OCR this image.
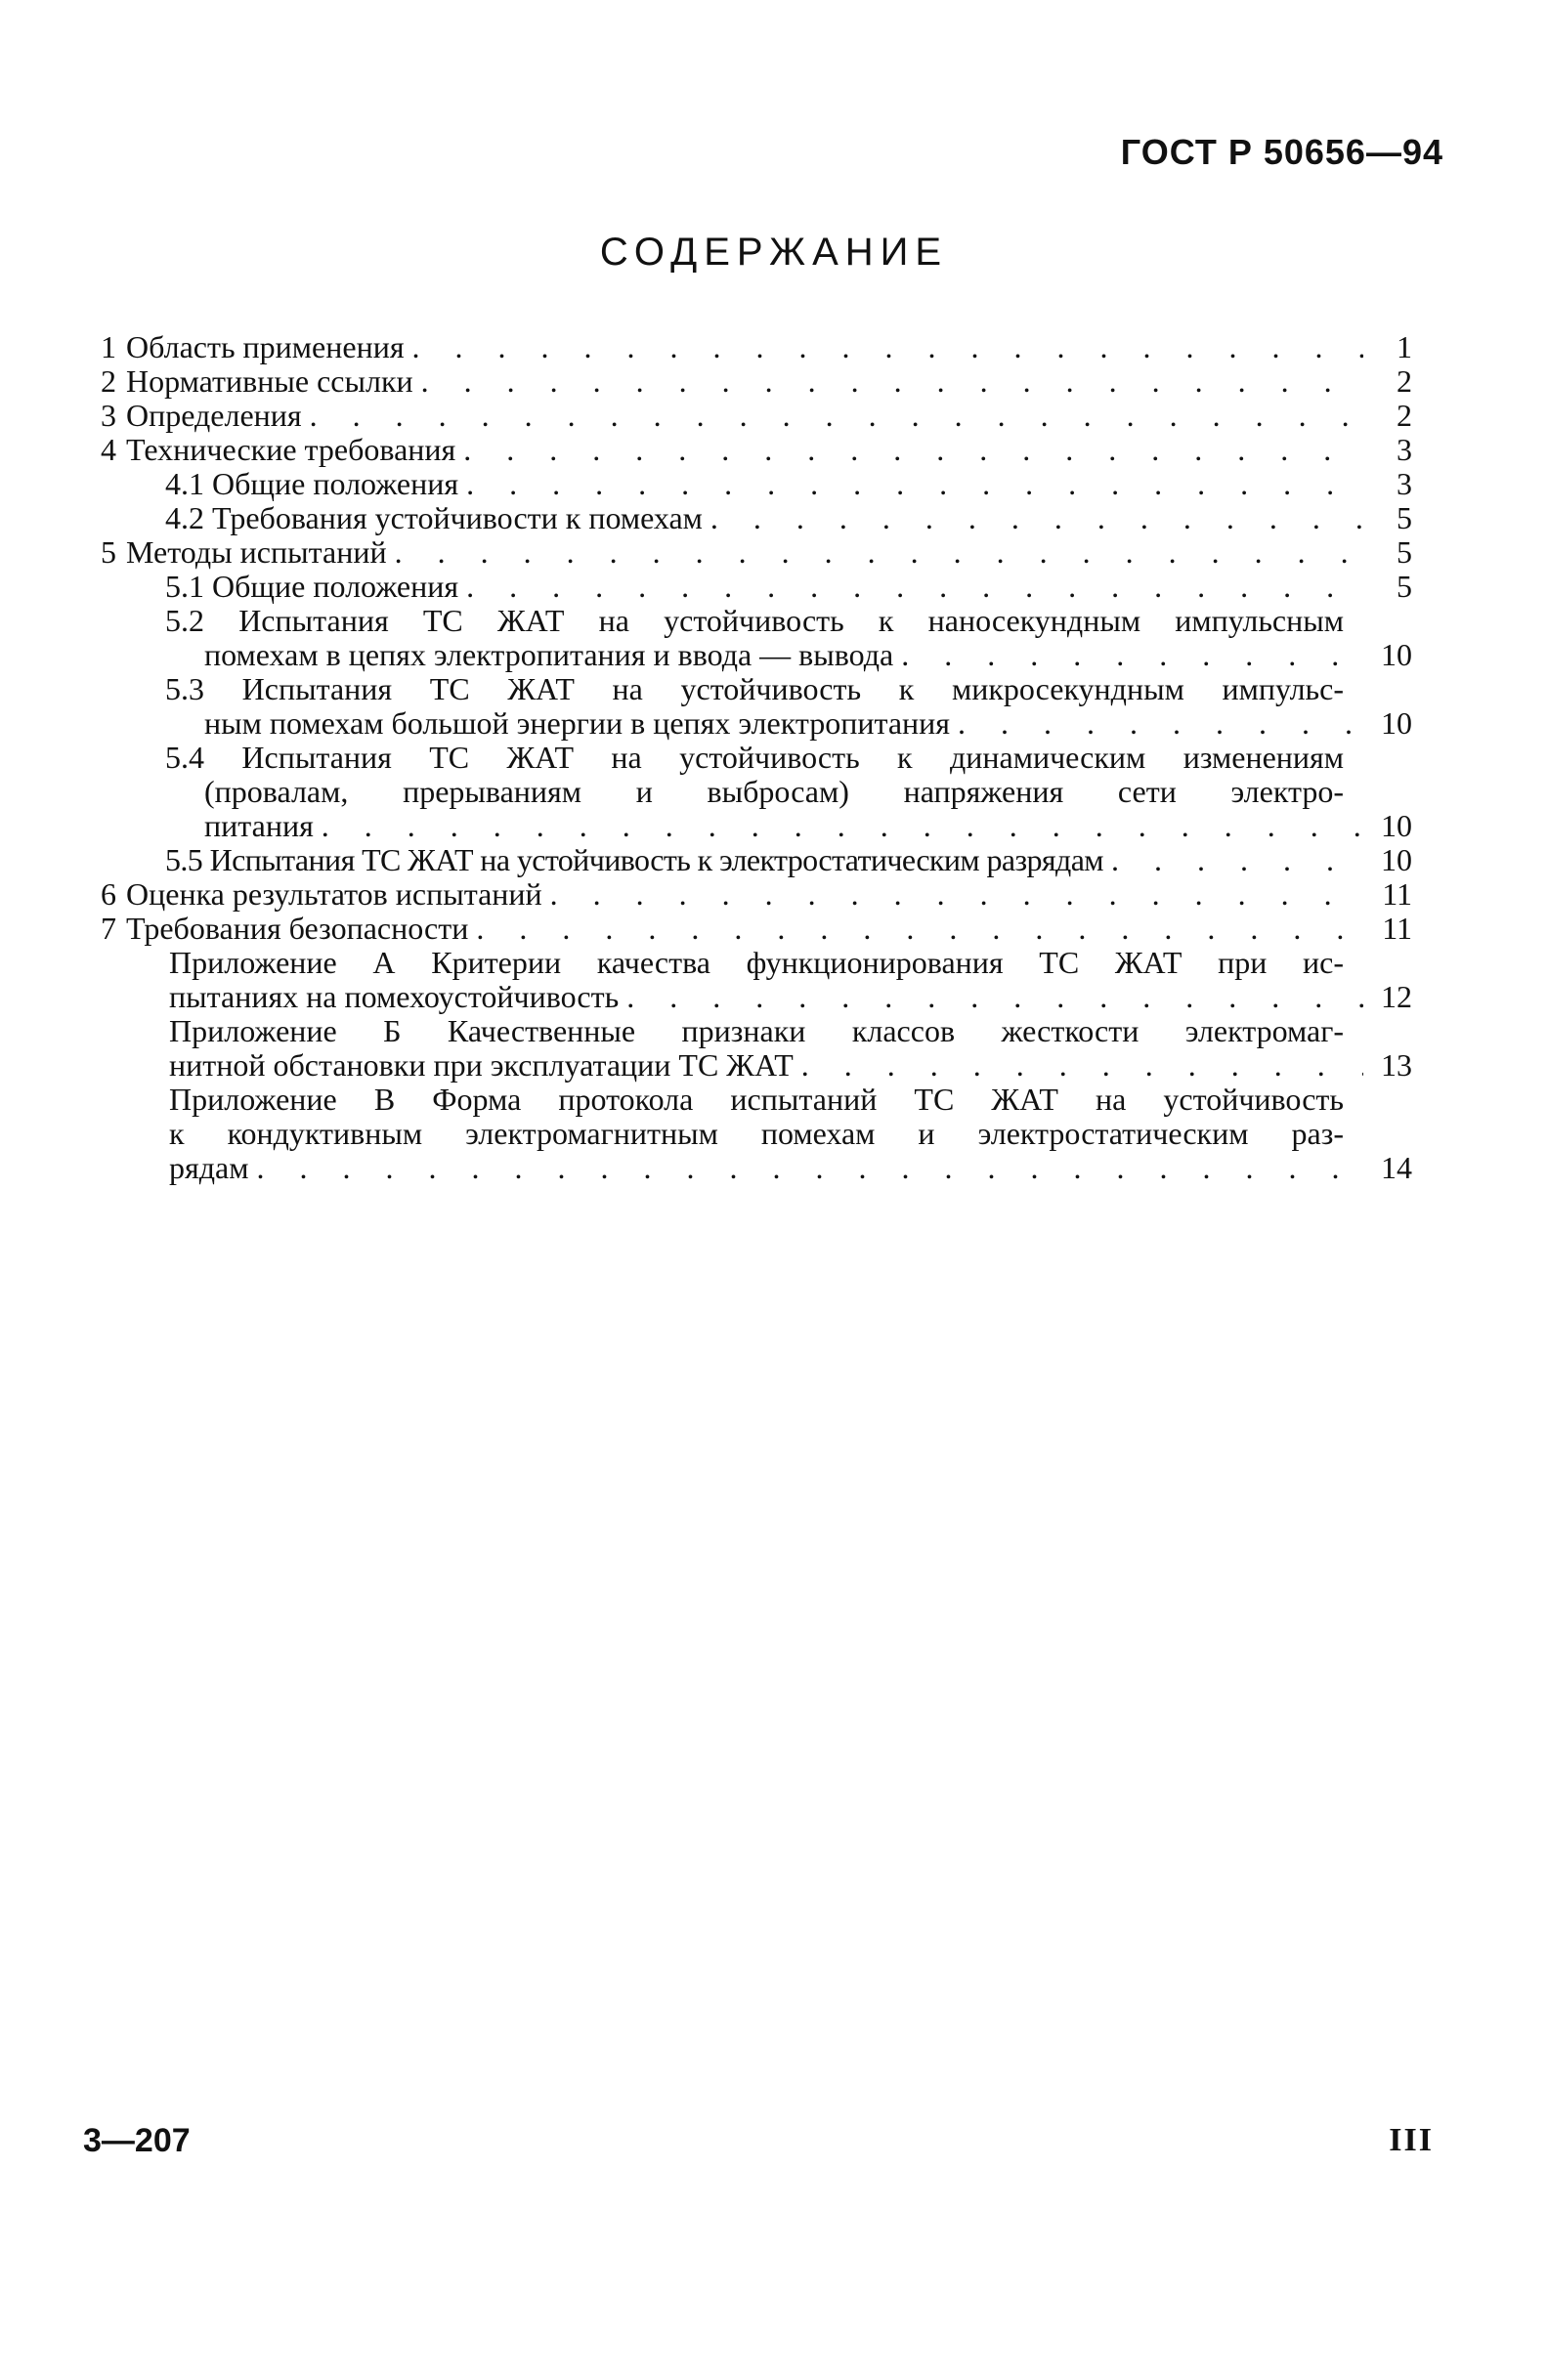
ГОСТ Р 50656—94
СОДЕРЖАНИЕ
1 Область применения . . .	1
2 Нормативные ссылки . . .	2
3 Определения . . .	2
4 Технические требования . . .	3
4.1 Общие положения . . .	3
4.2 Требования устойчивости к помехам . . .	5
5 Методы испытаний . . .	5
5.1 Общие положения . . .	5
5.2 Испытания ТС ЖАТ на устойчивость к наносекундным импульсным
помехам в цепях электропитания и ввода — вывода . . .	10
5.3 Испытания ТС ЖАТ на устойчивость к микросекундным импульс-
ным помехам большой энергии в цепях электропитания . . .	10
5.4 Испытания ТС ЖАТ на устойчивость к динамическим изменениям
(провалам, прерываниям и выбросам) напряжения сети электро-
питания . . .	10
5.5 Испытания ТС ЖАТ на устойчивость к электростатическим разрядам . . .	10
6 Оценка результатов испытаний . . .	11
7 Требования безопасности . . .	11
Приложение А Критерии качества функционирования ТС ЖАТ при ис-
пытаниях на помехоустойчивость . . .	12
Приложение Б Качественные признаки классов жесткости электромаг-
нитной обстановки при эксплуатации ТС ЖАТ . . .	13
Приложение В Форма протокола испытаний ТС ЖАТ на устойчивость
к кондуктивным электромагнитным помехам и электростатическим раз-
рядам . . .	14
3—207	III
